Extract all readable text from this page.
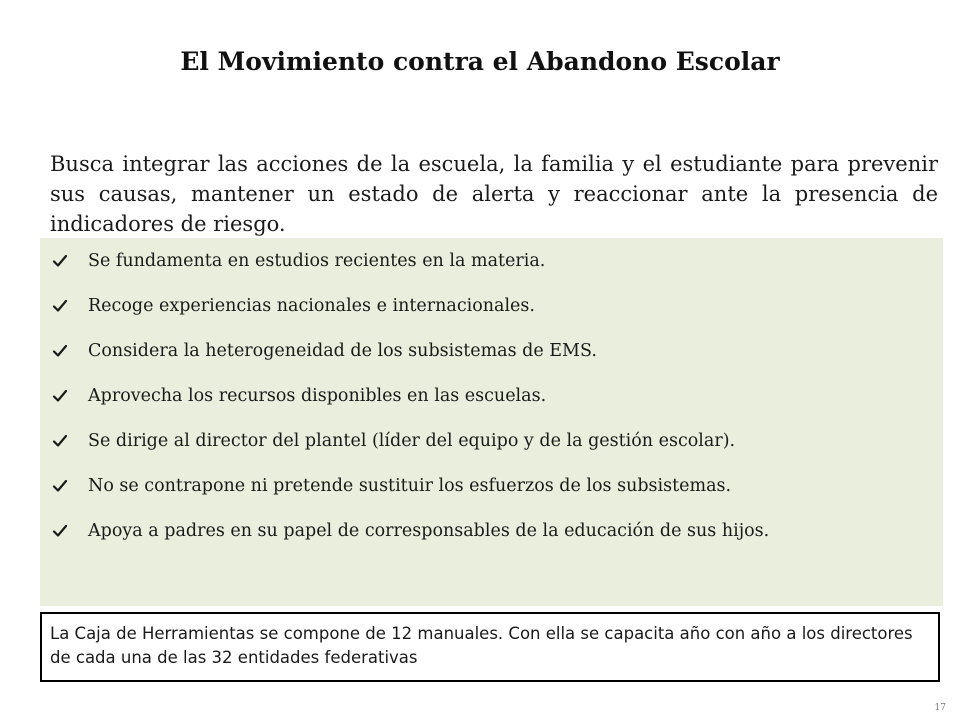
El Movimiento contra el Abandono Escolar

Busca integrar las acciones de la escuela, la familia y el estudiante para prevenir sus causas, mantener un estado de alerta y reaccionar ante la presencia de indicadores de riesgo.

Se fundamenta en estudios recientes en la materia.
Recoge experiencias nacionales e internacionales.
Considera la heterogeneidad de los subsistemas de EMS.
Aprovecha los recursos disponibles en las escuelas.
Se dirige al director del plantel (líder del equipo y de la gestión escolar).
No se contrapone ni pretende sustituir los esfuerzos de los subsistemas.
Apoya a padres en su papel de corresponsables de la educación de sus hijos.
La Caja de Herramientas se compone de 12 manuales. Con ella se capacita año con año a los directores de cada una de las 32 entidades federativas
17
